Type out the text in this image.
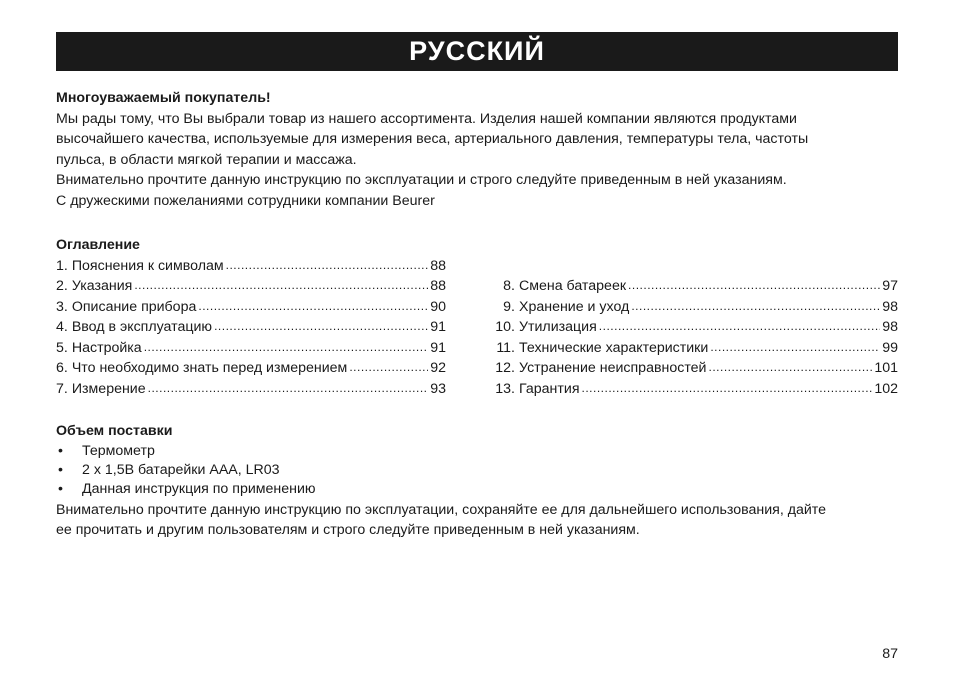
РУССКИЙ

Многоуважаемый покупатель!

Мы рады тому, что Вы выбрали товар из нашего ассортимента. Изделия нашей компании являются продуктами

высочайшего качества, используемые для измерения веса, артериального давления, температуры тела, частоты

пульса, в области мягкой терапии и массажа.

Внимательно прочтите данную инструкцию по эксплуатации и строго следуйте приведенным в ней указаниям.

С дружескими пожеланиями сотрудники компании Beurer

Оглавление

1. Пояснения к символам .....	88
2. Указания .....	88
3. Описание прибора .....	90
4. Ввод в эксплуатацию .....	91
5. Настройка .....	91
6. Что необходимо знать перед измерением .....	92
7. Измерение .....	93
8. Смена батареек .....	97
9. Хранение и уход .....	98
10. Утилизация .....	98
11. Технические характеристики .....	99
12. Устранение неисправностей .....	101
13. Гарантия .....	102

Объем поставки

•	Термометр
•	2 x 1,5В батарейки AAA, LR03
•	Данная инструкция по применению

Внимательно прочтите данную инструкцию по эксплуатации, сохраняйте ее для дальнейшего использования, дайте

ее прочитать и другим пользователям и строго следуйте приведенным в ней указаниям.

87
